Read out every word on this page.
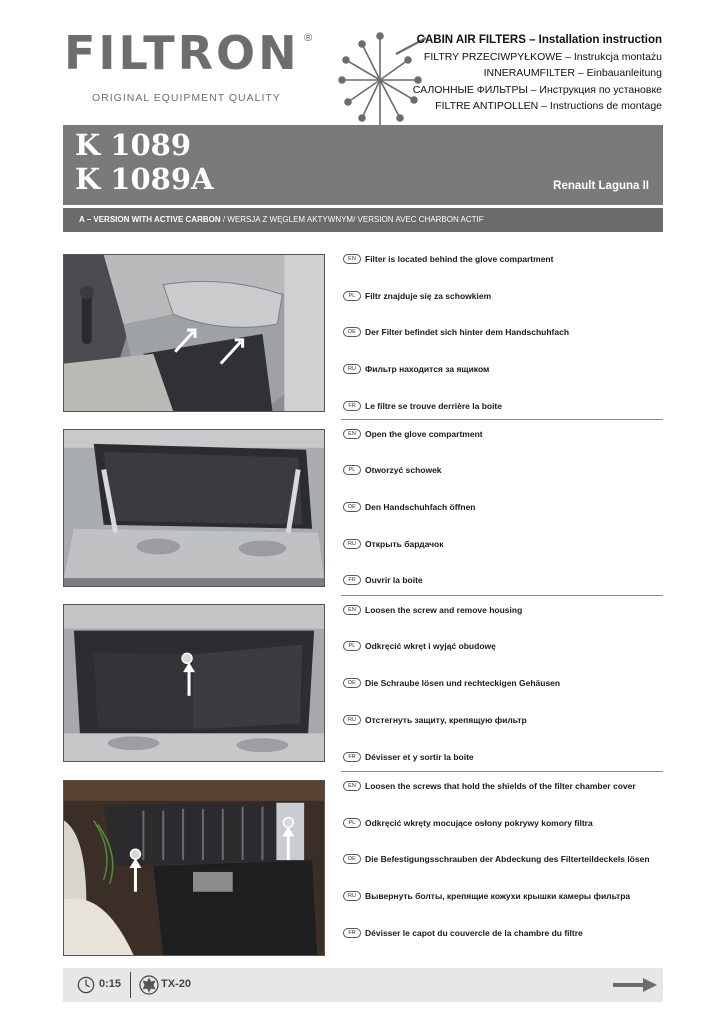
FILTRON ®
ORIGINAL EQUIPMENT QUALITY
CABIN AIR FILTERS – Installation instruction
FILTRY PRZECIWPYŁKOWE – Instrukcja montażu
INNERAUMFILTER – Einbauanleitung
САЛОННЫЕ ФИЛЬТРЫ – Инструкция по установке
FILTRE ANTIPOLLEN – Instructions de montage
K 1089
K 1089A	Renault Laguna II
A – VERSION WITH ACTIVE CARBON / WERSJA Z WĘGLEM AKTYWNYM/ VERSION AVEC CHARBON ACTIF
EN	Filter is located behind the glove compartment
PL	Filtr znajduje się za schowkiem
DE	Der Filter befindet sich hinter dem Handschuhfach
RU	Фильтр находится за ящиком
FR	Le filtre se trouve derrière la boite
EN	Open the glove compartment
PL	Otworzyć schowek
DE	Den Handschuhfach öffnen
RU	Открыть бардачок
FR	Ouvrir la boite
EN	Loosen the screw and remove housing
PL	Odkręcić wkręt i wyjąć obudowę
DE	Die Schraube lösen und rechteckigen Gehäusen
RU	Отстегнуть защиту, крепящую фильтр
FR	Dévisser et y sortir la boite
EN	Loosen the screws that hold the shields of the filter chamber cover
PL	Odkręcić wkręty mocujące osłony pokrywy komory filtra
DE	Die Befestigungsschrauben der Abdeckung des Filterteildeckels lösen
RU	Вывернуть болты, крепящие кожухи крышки камеры фильтра
FR	Dévisser le capot du couvercle de la chambre du filtre
0:15	TX-20
